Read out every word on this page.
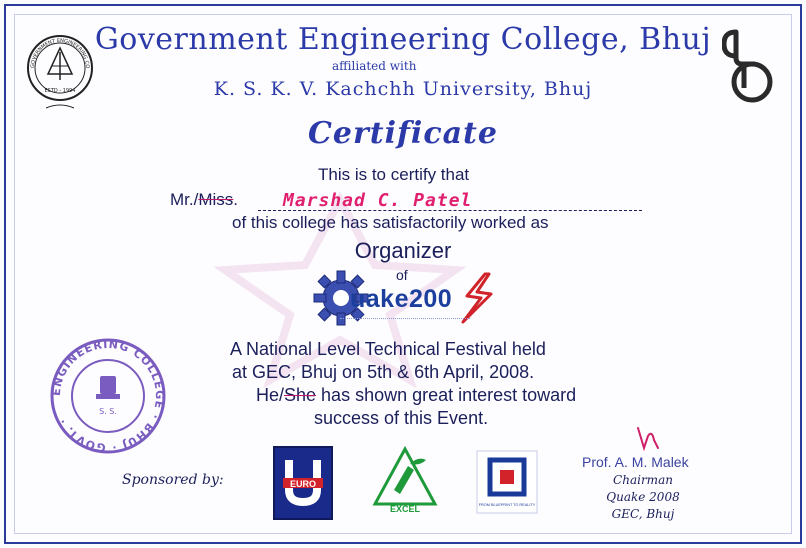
GOVERNMENT ENGINEERING CO
ESTD - 1994
Government Engineering College, Bhuj
affiliated with
K. S. K. V. Kachchh University, Bhuj
Certificate
This is to certify that
Mr./Miss. Marshad C. Patel
of this college has satisfactorily worked as
Organizer
of
uake200
A National Level Technical Festival held
at GEC, Bhuj on 5th & 6th April, 2008.
He/She has shown great interest toward
success of this Event.
ENGINEERING COLLEGE · BHUJ · GOVT. ·
S. S.
Sponsored by:	EURO
EXCEL	FROM BLUEPRINT TO REALITY
Prof. A. M. Malek
Chairman
Quake 2008
GEC, Bhuj
